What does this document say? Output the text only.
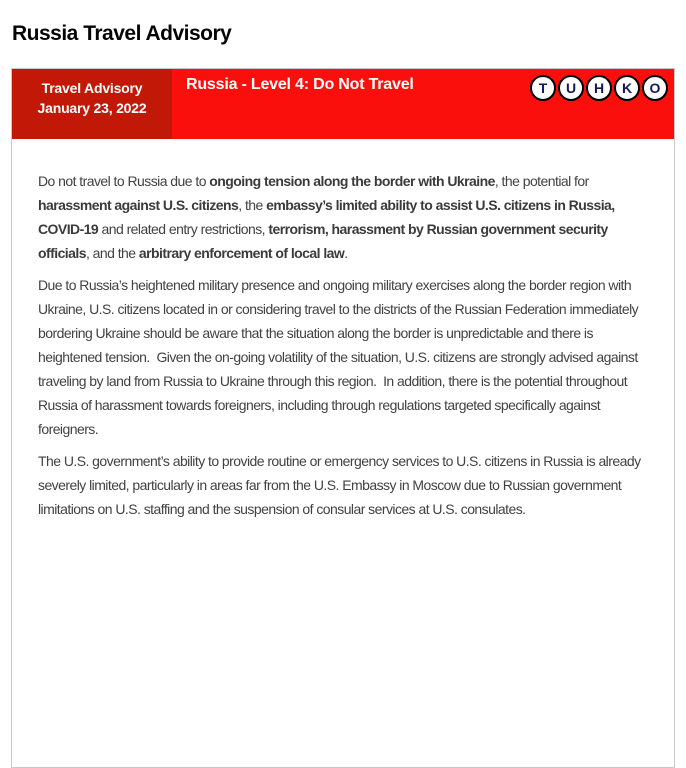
Russia Travel Advisory
Travel Advisory
January 23, 2022
Russia - Level 4: Do Not Travel	T U H K O

Do not travel to Russia due to ongoing tension along the border with Ukraine, the potential for harassment against U.S. citizens, the embassy’s limited ability to assist U.S. citizens in Russia, COVID-19 and related entry restrictions, terrorism, harassment by Russian government security officials, and the arbitrary enforcement of local law.

Due to Russia’s heightened military presence and ongoing military exercises along the border region with Ukraine, U.S. citizens located in or considering travel to the districts of the Russian Federation immediately bordering Ukraine should be aware that the situation along the border is unpredictable and there is heightened tension.  Given the on-going volatility of the situation, U.S. citizens are strongly advised against traveling by land from Russia to Ukraine through this region.  In addition, there is the potential throughout Russia of harassment towards foreigners, including through regulations targeted specifically against foreigners.

The U.S. government’s ability to provide routine or emergency services to U.S. citizens in Russia is already severely limited, particularly in areas far from the U.S. Embassy in Moscow due to Russian government limitations on U.S. staffing and the suspension of consular services at U.S. consulates.
